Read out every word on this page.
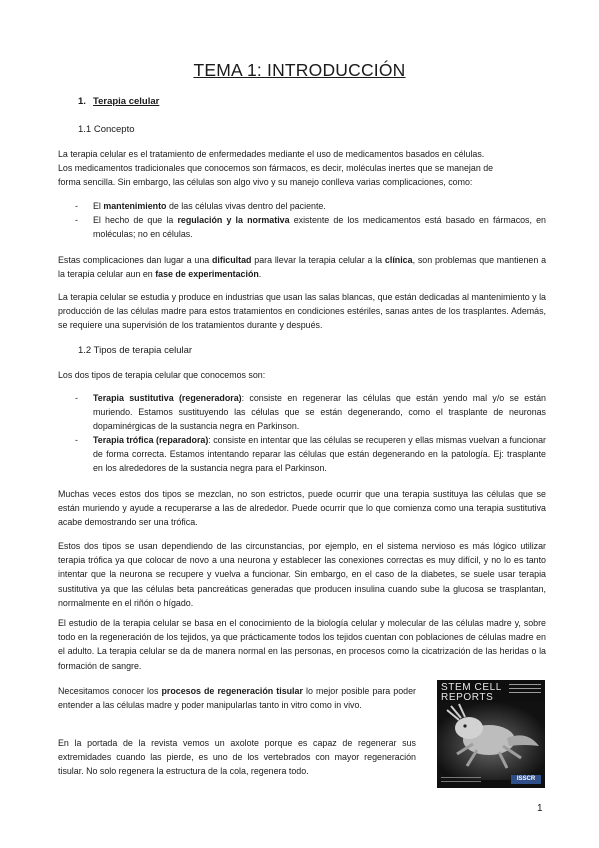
TEMA 1: INTRODUCCIÓN
1. Terapia celular
1.1 Concepto
La terapia celular es el tratamiento de enfermedades mediante el uso de medicamentos basados en células.
Los medicamentos tradicionales que conocemos son fármacos, es decir, moléculas inertes que se manejan de
forma sencilla. Sin embargo, las células son algo vivo y su manejo conlleva varias complicaciones, como:
- El mantenimiento de las células vivas dentro del paciente.
- El hecho de que la regulación y la normativa existente de los medicamentos está basado en fármacos, en moléculas; no en células.
Estas complicaciones dan lugar a una dificultad para llevar la terapia celular a la clínica, son problemas que mantienen a la terapia celular aun en fase de experimentación.
La terapia celular se estudia y produce en industrias que usan las salas blancas, que están dedicadas al mantenimiento y la producción de las células madre para estos tratamientos en condiciones estériles, sanas antes de los trasplantes. Además, se requiere una supervisión de los tratamientos durante y después.
1.2 Tipos de terapia celular
Los dos tipos de terapia celular que conocemos son:
- Terapia sustitutiva (regeneradora): consiste en regenerar las células que están yendo mal y/o se están muriendo. Estamos sustituyendo las células que se están degenerando, como el trasplante de neuronas dopaminérgicas de la sustancia negra en Parkinson.
- Terapia trófica (reparadora): consiste en intentar que las células se recuperen y ellas mismas vuelvan a funcionar de forma correcta. Estamos intentando reparar las células que están degenerando en la patología. Ej: trasplante en los alrededores de la sustancia negra para el Parkinson.
Muchas veces estos dos tipos se mezclan, no son estrictos, puede ocurrir que una terapia sustituya las células que se están muriendo y ayude a recuperarse a las de alrededor. Puede ocurrir que lo que comienza como una terapia sustitutiva acabe demostrando ser una trófica.
Estos dos tipos se usan dependiendo de las circunstancias, por ejemplo, en el sistema nervioso es más lógico utilizar terapia trófica ya que colocar de novo a una neurona y establecer las conexiones correctas es muy difícil, y no lo es tanto intentar que la neurona se recupere y vuelva a funcionar. Sin embargo, en el caso de la diabetes, se suele usar terapia sustitutiva ya que las células beta pancreáticas generadas que producen insulina cuando sube la glucosa se trasplantan, normalmente en el riñón o hígado.
El estudio de la terapia celular se basa en el conocimiento de la biología celular y molecular de las células madre y, sobre todo en la regeneración de los tejidos, ya que prácticamente todos los tejidos cuentan con poblaciones de células madre en el adulto. La terapia celular se da de manera normal en las personas, en procesos como la cicatrización de las heridas o la formación de sangre.
Necesitamos conocer los procesos de regeneración tisular lo mejor posible para poder entender a las células madre y poder manipularlas tanto in vitro como in vivo.
En la portada de la revista vemos un axolote porque es capaz de regenerar sus extremidades cuando las pierde, es uno de los vertebrados con mayor regeneración tisular. No solo regenera la estructura de la cola, regenera todo.
STEM CELL
REPORTS
ISSCR
1
